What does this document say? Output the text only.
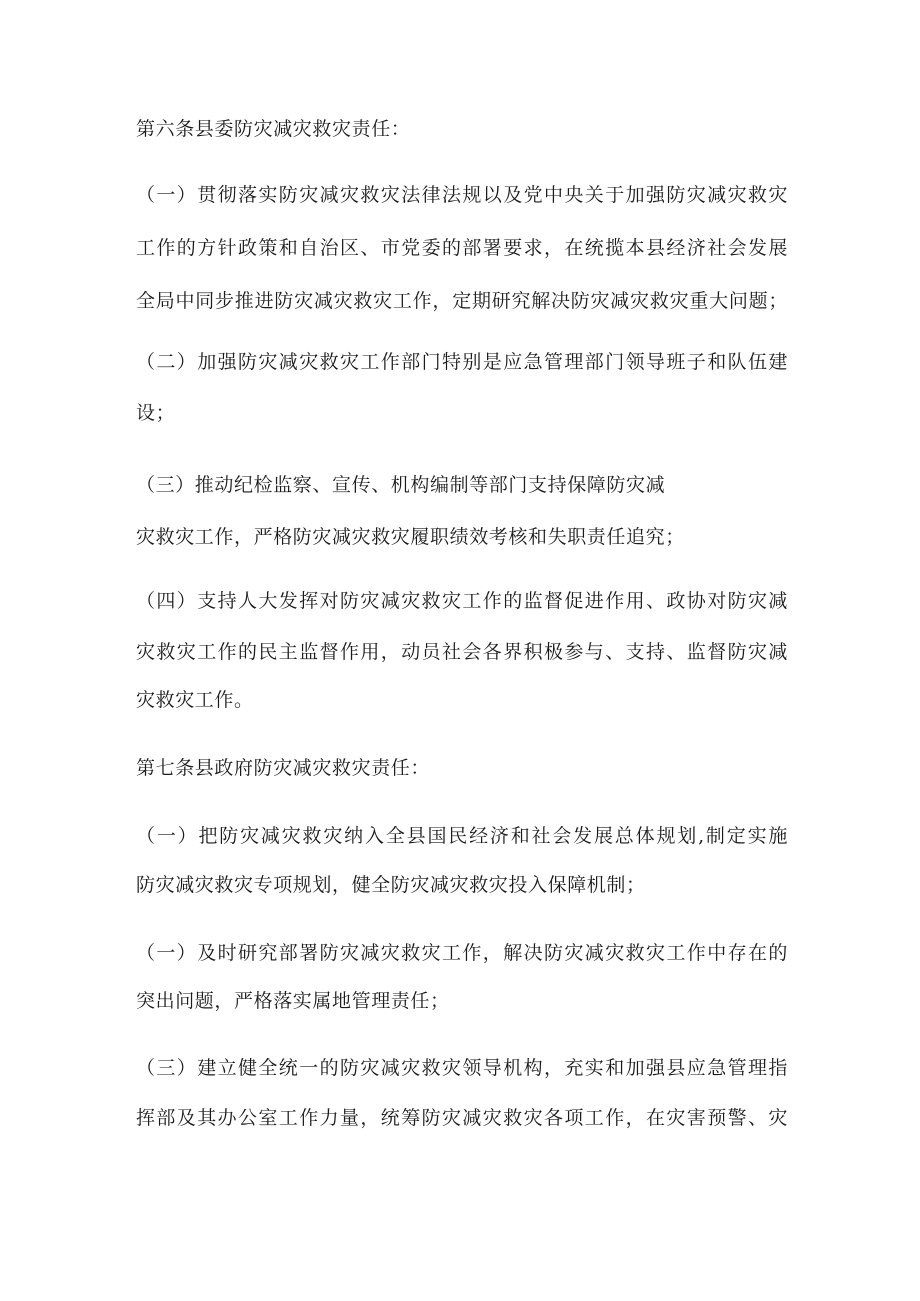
第六条县委防灾减灾救灾责任：
（一）贯彻落实防灾减灾救灾法律法规以及党中央关于加强防灾减灾救灾
工作的方针政策和自治区、市党委的部署要求，在统揽本县经济社会发展
全局中同步推进防灾减灾救灾工作，定期研究解决防灾减灾救灾重大问题；
（二）加强防灾减灾救灾工作部门特别是应急管理部门领导班子和队伍建
设；
（三）推动纪检监察、宣传、机构编制等部门支持保障防灾减
灾救灾工作，严格防灾减灾救灾履职绩效考核和失职责任追究；
（四）支持人大发挥对防灾减灾救灾工作的监督促进作用、政协对防灾减
灾救灾工作的民主监督作用，动员社会各界积极参与、支持、监督防灾减
灾救灾工作。
第七条县政府防灾减灾救灾责任：
（一）把防灾减灾救灾纳入全县国民经济和社会发展总体规划,制定实施
防灾减灾救灾专项规划，健全防灾减灾救灾投入保障机制；
（一）及时研究部署防灾减灾救灾工作，解决防灾减灾救灾工作中存在的
突出问题，严格落实属地管理责任；
（三）建立健全统一的防灾减灾救灾领导机构，充实和加强县应急管理指
挥部及其办公室工作力量，统筹防灾减灾救灾各项工作，在灾害预警、灾
